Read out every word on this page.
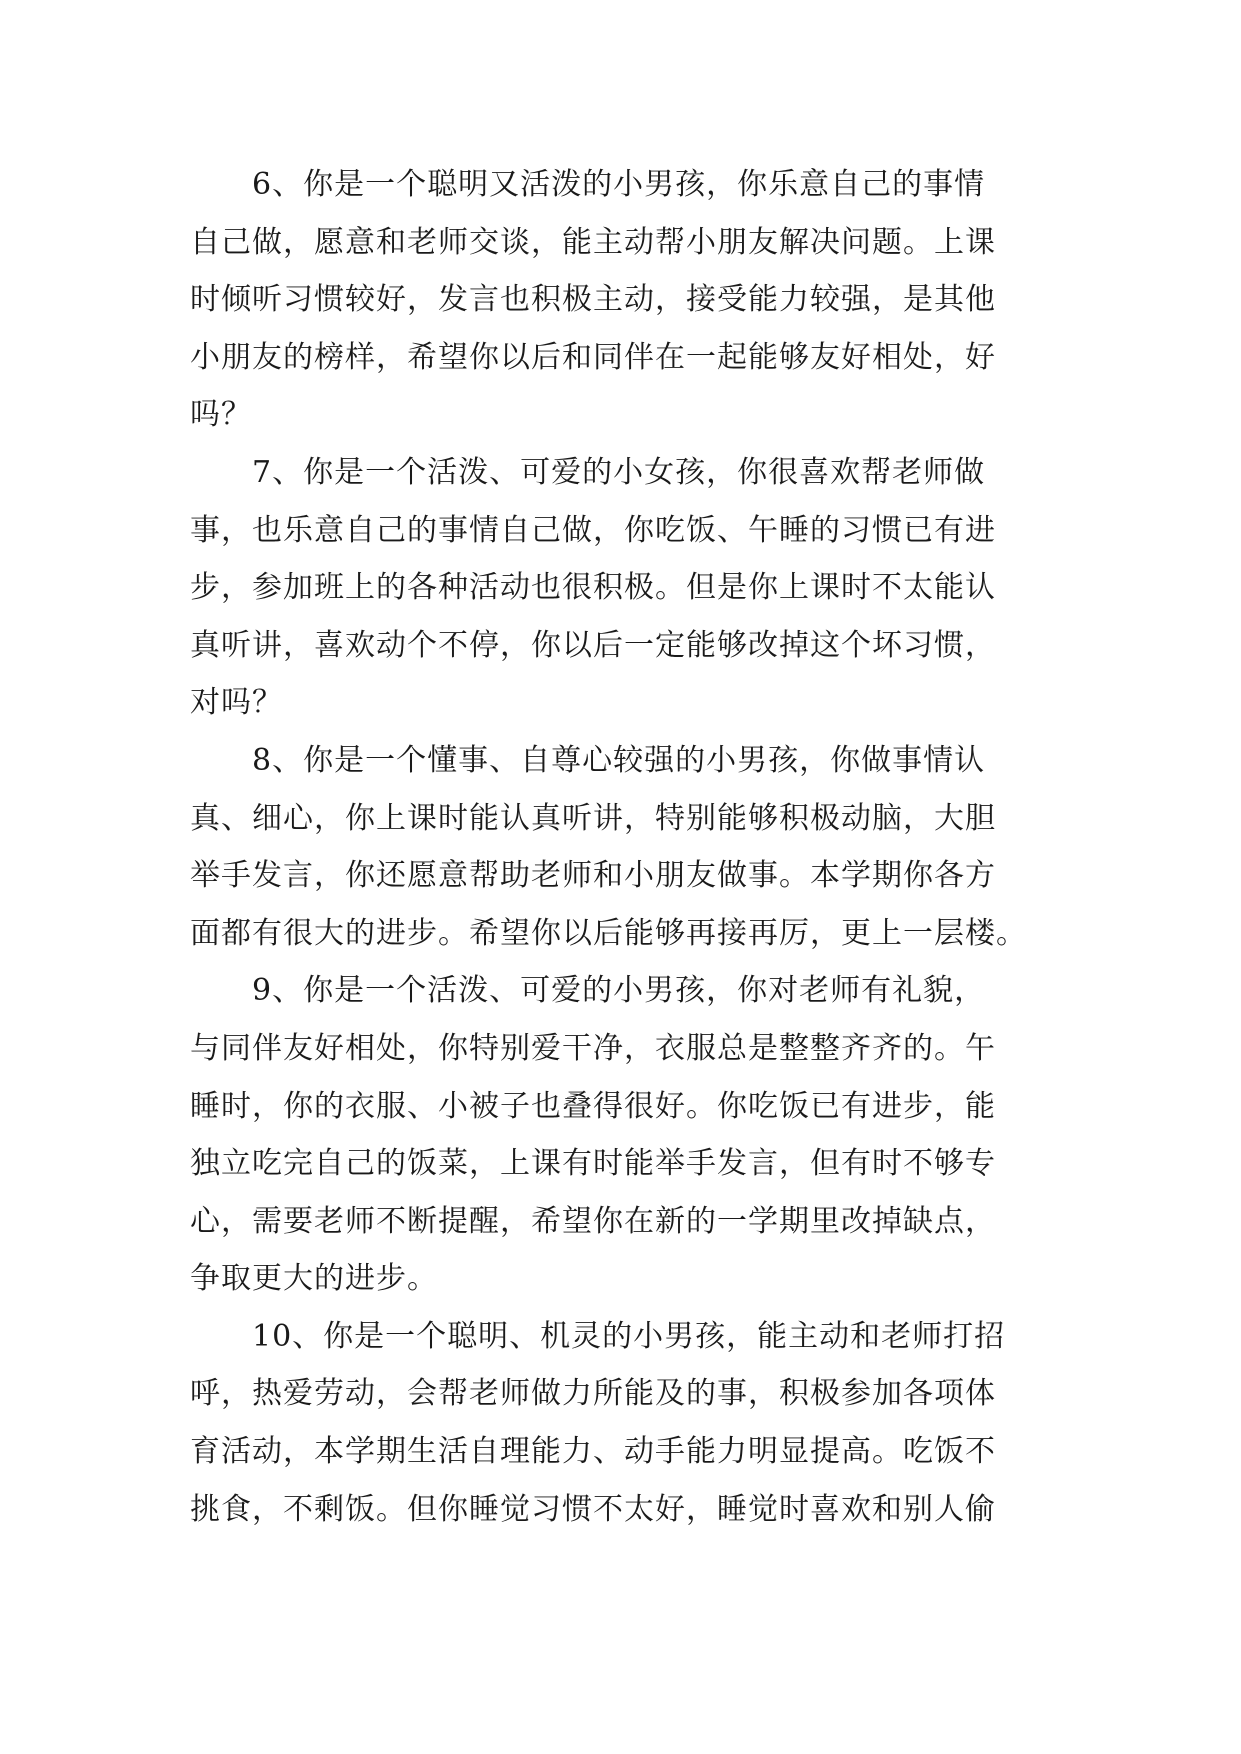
6、你是一个聪明又活泼的小男孩，你乐意自己的事情
自己做，愿意和老师交谈，能主动帮小朋友解决问题。上课
时倾听习惯较好，发言也积极主动，接受能力较强，是其他
小朋友的榜样，希望你以后和同伴在一起能够友好相处，好
吗？

7、你是一个活泼、可爱的小女孩，你很喜欢帮老师做
事，也乐意自己的事情自己做，你吃饭、午睡的习惯已有进
步，参加班上的各种活动也很积极。但是你上课时不太能认
真听讲，喜欢动个不停，你以后一定能够改掉这个坏习惯，
对吗？

8、你是一个懂事、自尊心较强的小男孩，你做事情认
真、细心，你上课时能认真听讲，特别能够积极动脑，大胆
举手发言，你还愿意帮助老师和小朋友做事。本学期你各方
面都有很大的进步。希望你以后能够再接再厉，更上一层楼。

9、你是一个活泼、可爱的小男孩，你对老师有礼貌，
与同伴友好相处，你特别爱干净，衣服总是整整齐齐的。午
睡时，你的衣服、小被子也叠得很好。你吃饭已有进步，能
独立吃完自己的饭菜，上课有时能举手发言，但有时不够专
心，需要老师不断提醒，希望你在新的一学期里改掉缺点，
争取更大的进步。

10、你是一个聪明、机灵的小男孩，能主动和老师打招
呼，热爱劳动，会帮老师做力所能及的事，积极参加各项体
育活动，本学期生活自理能力、动手能力明显提高。吃饭不
挑食，不剩饭。但你睡觉习惯不太好，睡觉时喜欢和别人偷
